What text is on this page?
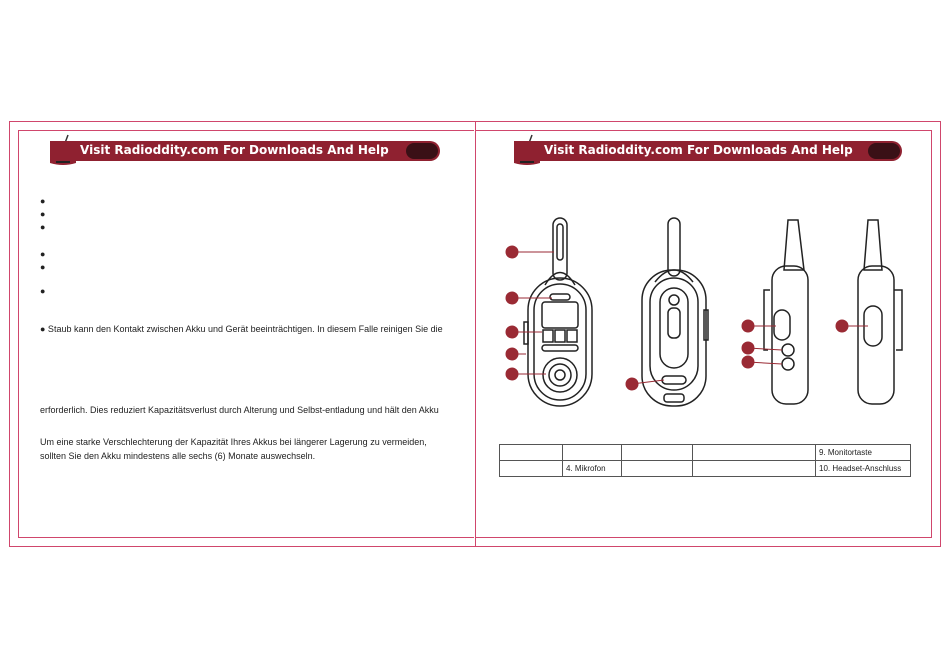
Visit Radioddity.com For Downloads And Help
●
●
●
●
●
●
● Staub kann den Kontakt zwischen Akku und Gerät beeinträchtigen. In diesem Falle reinigen Sie die
erforderlich. Dies reduziert Kapazitätsverlust durch Alterung und Selbst-entladung und hält den Akku
Um eine starke Verschlechterung der Kapazität Ihres Akkus bei längerer Lagerung zu vermeiden,
sollten Sie den Akku mindestens alle sechs (6) Monate auswechseln.
Visit Radioddity.com For Downloads And Help
				9. Monitortaste
	4. Mikrofon			10. Headset-Anschluss
